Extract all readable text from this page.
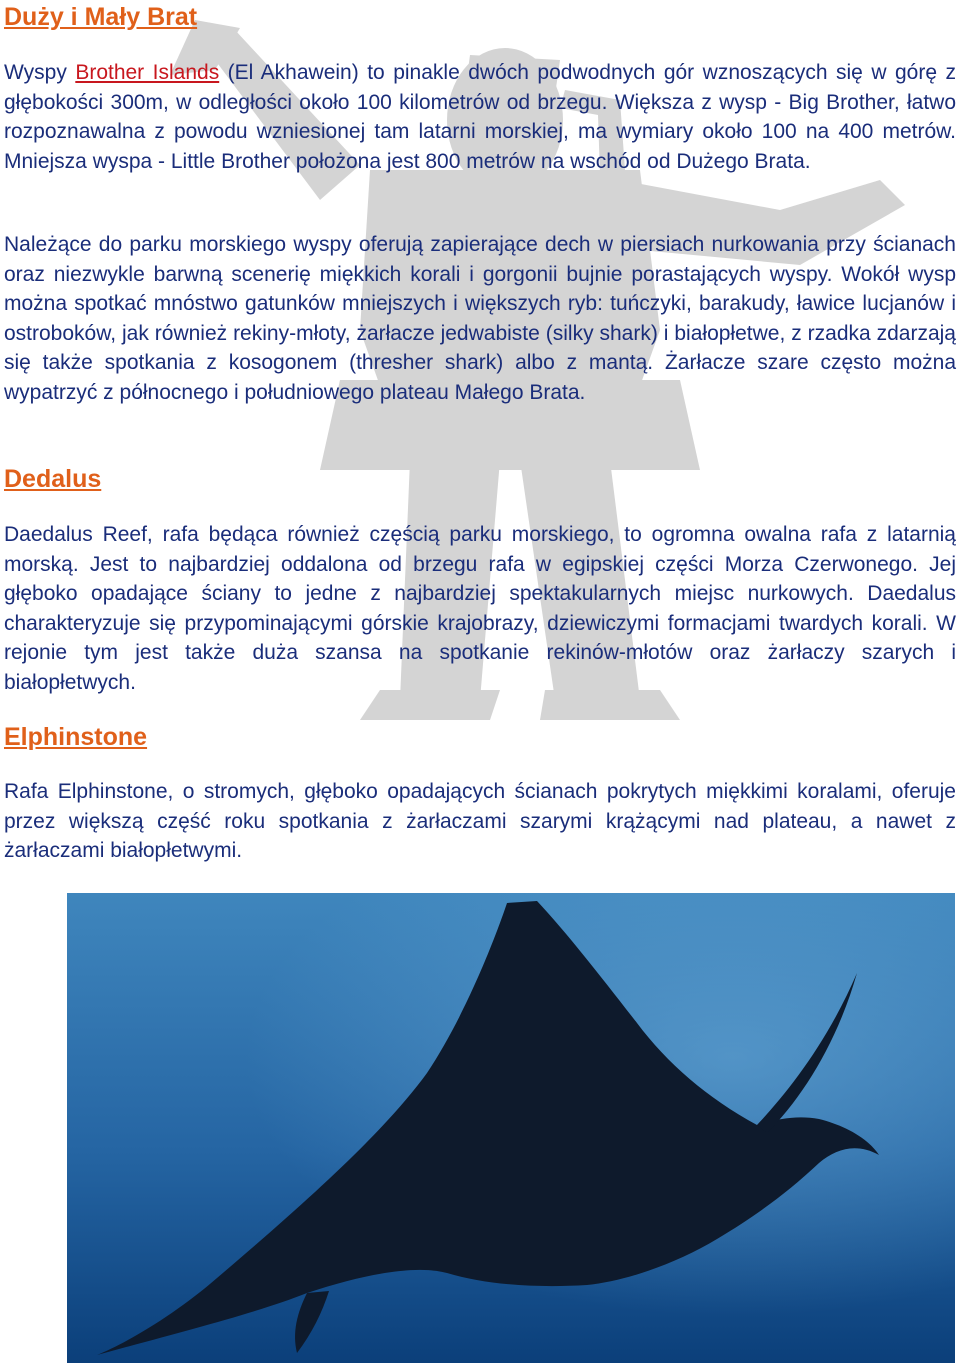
Duży i Mały Brat

Wyspy Brother Islands (El Akhawein) to pinakle dwóch podwodnych gór wznoszących się w górę z głębokości 300m, w odległości około 100 kilometrów od brzegu. Większa z wysp - Big Brother, łatwo rozpoznawalna z powodu wzniesionej tam latarni morskiej, ma wymiary około 100 na 400 metrów. Mniejsza wyspa - Little Brother położona jest 800 metrów na wschód od Dużego Brata.

Należące do parku morskiego wyspy oferują zapierające dech w piersiach nurkowania przy ścianach oraz niezwykle barwną scenerię miękkich korali i gorgonii bujnie porastających wyspy. Wokół wysp można spotkać mnóstwo gatunków mniejszych i większych ryb: tuńczyki, barakudy, ławice lucjanów i ostroboków, jak również rekiny-młoty, żarłacze jedwabiste (silky shark) i białopłetwe, z rzadka zdarzają się także spotkania z kosogonem (thresher shark) albo z mantą. Żarłacze szare często można wypatrzyć z północnego i południowego plateau Małego Brata.

Dedalus

Daedalus Reef, rafa będąca również częścią parku morskiego, to ogromna owalna rafa z latarnią morską. Jest to najbardziej oddalona od brzegu rafa w egipskiej części Morza Czerwonego. Jej głęboko opadające ściany to jedne z najbardziej spektakularnych miejsc nurkowych. Daedalus charakteryzuje się przypominającymi górskie krajobrazy, dziewiczymi formacjami twardych korali. W rejonie tym jest także duża szansa na spotkanie rekinów-młotów oraz żarłaczy szarych i białopłetwych.

Elphinstone

Rafa Elphinstone, o stromych, głęboko opadających ścianach pokrytych miękkimi koralami, oferuje przez większą część roku spotkania z żarłaczami szarymi krążącymi nad plateau, a nawet z żarłaczami białopłetwymi.
